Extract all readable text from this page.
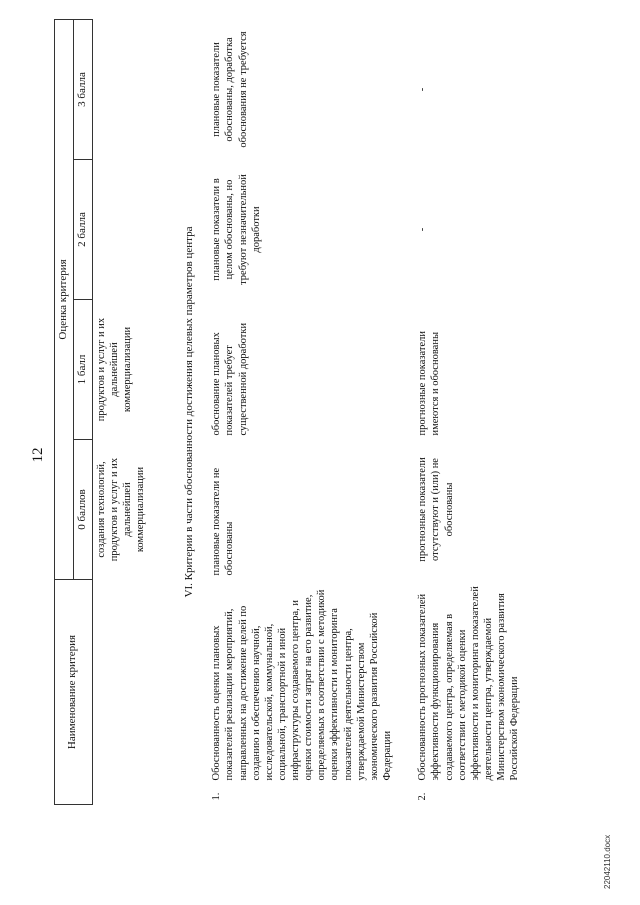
12
Наименование критерия		Оценка критерия			
		0 баллов	1 балл	2 балла	3 балла
		создания технологий, продуктов и услуг и их дальнейшей коммерциализации	продуктов и услуг и их дальнейшей коммерциализации		
VI. Критерии в части обоснованности достижения целевых параметров центра					
1.	Обоснованность оценки плановых показателей реализации мероприятий, направленных на достижение целей по созданию и обеспечению научной, исследовательской, коммунальной, социальной, транспортной и иной инфраструктуры создаваемого центра, и оценки стоимости затрат на его развитие, определяемых в соответствии с методикой оценки эффективности и мониторинга показателей деятельности центра, утверждаемой Министерством экономического развития Российской Федерации	плановые показатели не обоснованы	обоснование плановых показателей требует существенной доработки	плановые показатели в целом обоснованы, но требуют незначительной доработки	плановые показатели обоснованы, доработка обоснования не требуется
2.	Обоснованность прогнозных показателей эффективности функционирования создаваемого центра, определяемая в соответствии с методикой оценки эффективности и мониторинга показателей деятельности центра, утверждаемой Министерством экономического развития Российской Федерации	прогнозные показатели отсутствуют и (или) не обоснованы	прогнозные показатели имеются и обоснованы	-	-
22042110.docx
